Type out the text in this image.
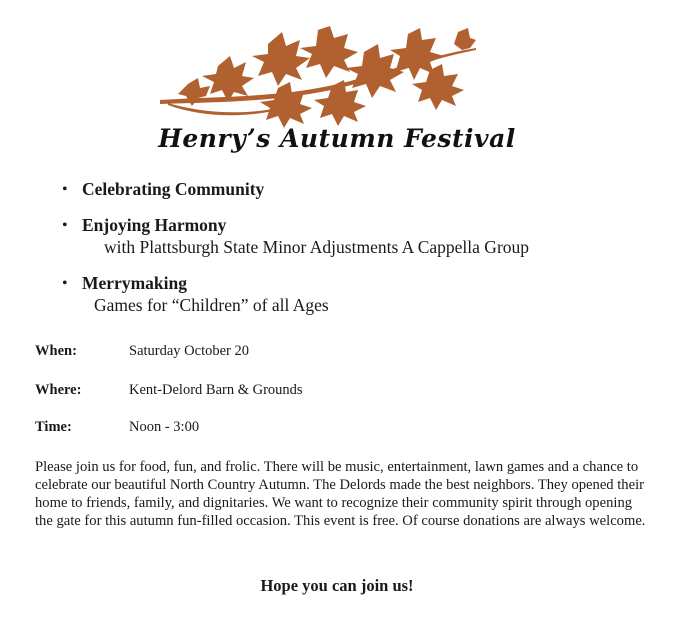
Henry’s Autumn Festival
• Celebrating Community
• Enjoying Harmony
with Plattsburgh State Minor Adjustments A Cappella Group
• Merrymaking
Games for “Children” of all Ages
When:	Saturday October 20
Where:	Kent-Delord Barn & Grounds
Time:	Noon - 3:00

Please join us for food, fun, and frolic. There will be music, entertainment, lawn games and a chance to celebrate our beautiful North Country Autumn. The Delords made the best neighbors. They opened their home to friends, family, and dignitaries. We want to recognize their community spirit through opening the gate for this autumn fun-filled occasion. This event is free. Of course donations are always welcome.

Hope you can join us!
